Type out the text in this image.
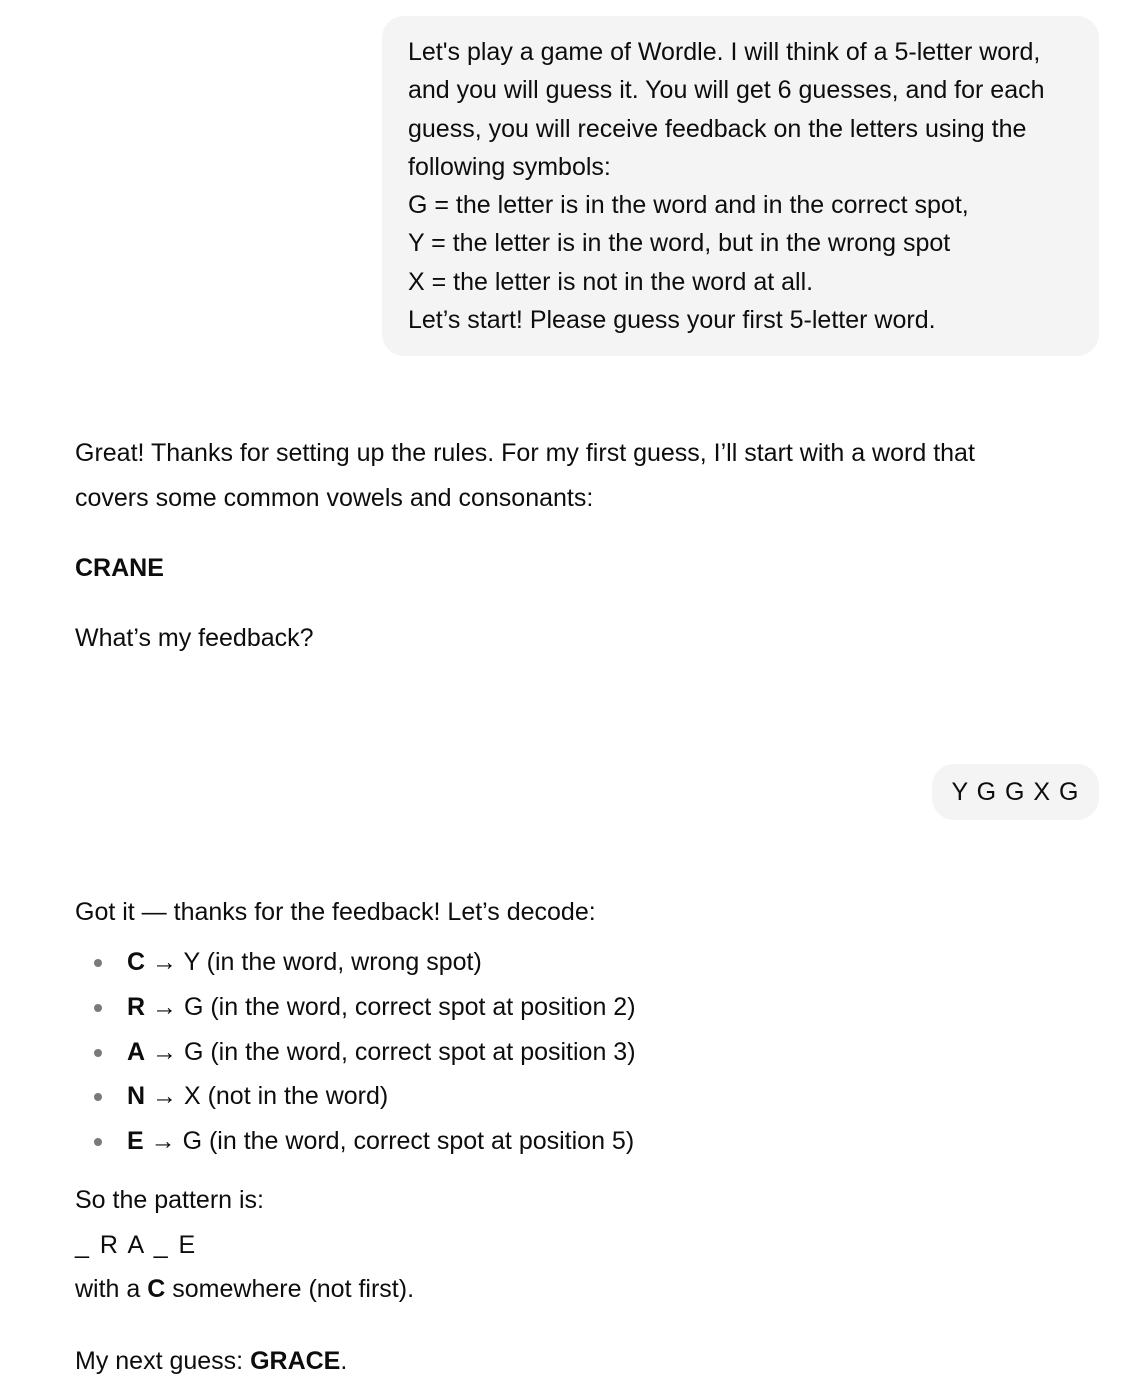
Let's play a game of Wordle. I will think of a 5-letter word,
and you will guess it. You will get 6 guesses, and for each
guess, you will receive feedback on the letters using the
following symbols:
G = the letter is in the word and in the correct spot,
Y = the letter is in the word, but in the wrong spot
X = the letter is not in the word at all.
Let’s start! Please guess your first 5-letter word.

Great! Thanks for setting up the rules. For my first guess, I’ll start with a word that

covers some common vowels and consonants:

CRANE
What’s my feedback?
Y G G X G
Got it — thanks for the feedback! Let’s decode:
C → Y (in the word, wrong spot)
R → G (in the word, correct spot at position 2)
A → G (in the word, correct spot at position 3)
N → X (not in the word)
E → G (in the word, correct spot at position 5)
So the pattern is:
_ R A _ E
with a C somewhere (not first).
My next guess: GRACE.
